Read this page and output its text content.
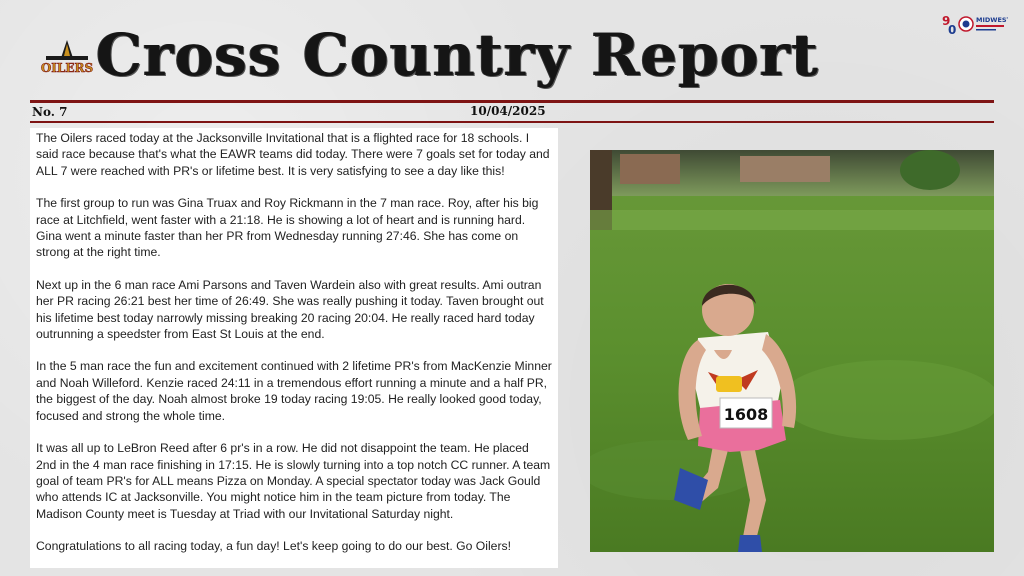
OILERS Cross Country Report	9
0
MIDWEST
No. 7	10/04/2025

The Oilers raced today at the Jacksonville Invitational that is a flighted race for 18 schools. I said race because that's what the EAWR teams did today. There were 7 goals set for today and ALL 7 were reached with PR's or lifetime best. It is very satisfying to see a day like this!

The first group to run was Gina Truax and Roy Rickmann in the 7 man race. Roy, after his big race at Litchfield, went faster with a 21:18. He is showing a lot of heart and is running hard. Gina went a minute faster than her PR from Wednesday running 27:46. She has come on strong at the right time.

Next up in the 6 man race Ami Parsons and Taven Wardein also with great results. Ami outran her PR racing 26:21 best her time of 26:49. She was really pushing it today. Taven brought out his lifetime best today narrowly missing breaking 20 racing 20:04. He really raced hard today outrunning a speedster from East St Louis at the end.

In the 5 man race the fun and excitement continued with 2 lifetime PR's from MacKenzie Minner and Noah Willeford. Kenzie raced 24:11 in a tremendous effort running a minute and a half PR, the biggest of the day. Noah almost broke 19 today racing 19:05. He really looked good today, focused and strong the whole time.

It was all up to LeBron Reed after 6 pr's in a row. He did not disappoint the team. He placed 2nd in the 4 man race finishing in 17:15. He is slowly turning into a top notch CC runner. A team goal of team PR's for ALL means Pizza on Monday. A special spectator today was Jack Gould who attends IC at Jacksonville. You might notice him in the team picture from today. The Madison County meet is Tuesday at Triad with our Invitational Saturday night.

Congratulations to all racing today, a fun day! Let's keep going to do our best. Go Oilers!

1608
